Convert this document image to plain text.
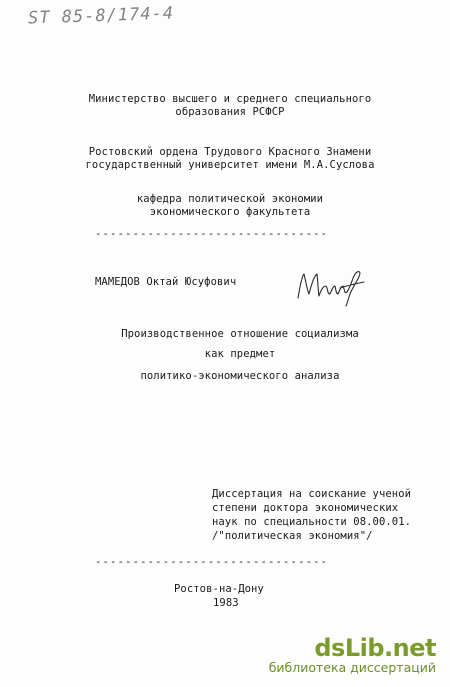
ST 85-8/174-4
Министерство высшего и среднего специального
образования РСФСР
Ростовский ордена Трудового Красного Знамени
государственный университет имени М.А.Суслова
кафедра политической экономии
экономического факультета
-------------------------------
МАМЕДОВ Октай Юсуфович
Производственное отношение социализма
как предмет
политико-экономического анализа
Диссертация на соискание ученой
степени доктора экономических
наук по специальности 08.00.01.
/"политическая экономия"/
-------------------------------
Ростов-на-Дону
1983
dsLib.net
библиотека диссертаций
